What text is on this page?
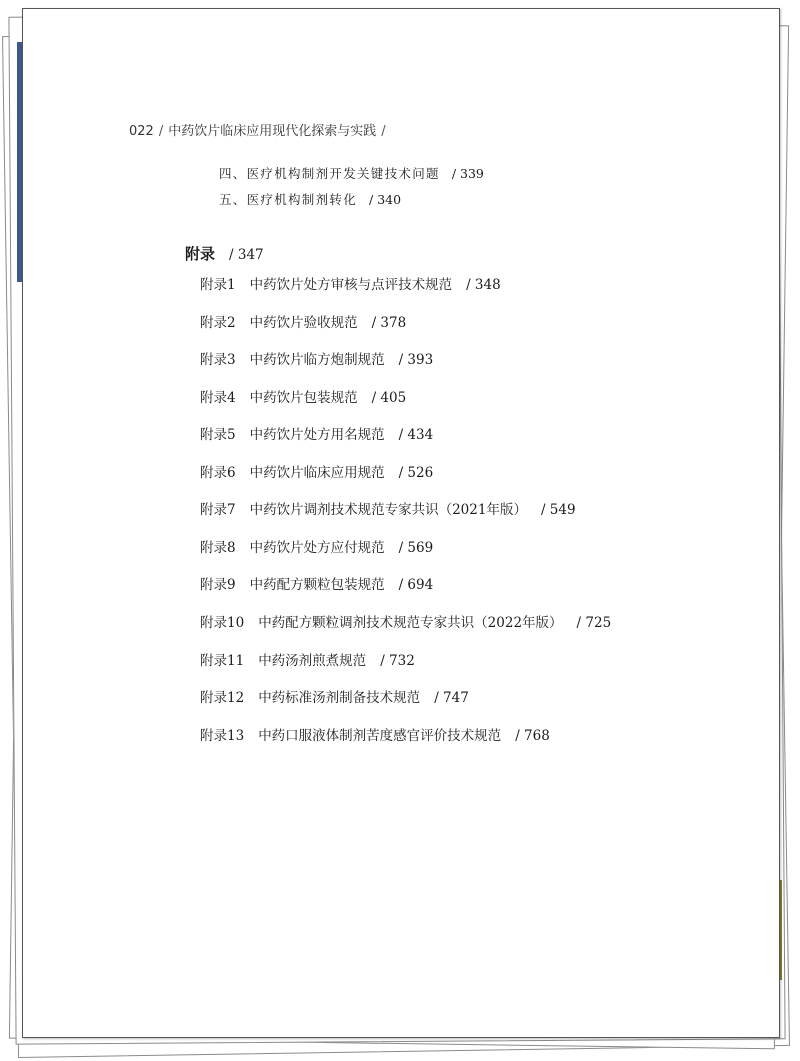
022 / 中药饮片临床应用现代化探索与实践 /
四、医疗机构制剂开发关键技术问题 / 339
五、医疗机构制剂转化 / 340
附录 / 347
附录1 中药饮片处方审核与点评技术规范 / 348
附录2 中药饮片验收规范 / 378
附录3 中药饮片临方炮制规范 / 393
附录4 中药饮片包装规范 / 405
附录5 中药饮片处方用名规范 / 434
附录6 中药饮片临床应用规范 / 526
附录7 中药饮片调剂技术规范专家共识（2021年版） / 549
附录8 中药饮片处方应付规范 / 569
附录9 中药配方颗粒包装规范 / 694
附录10 中药配方颗粒调剂技术规范专家共识（2022年版） / 725
附录11 中药汤剂煎煮规范 / 732
附录12 中药标准汤剂制备技术规范 / 747
附录13 中药口服液体制剂苦度感官评价技术规范 / 768
